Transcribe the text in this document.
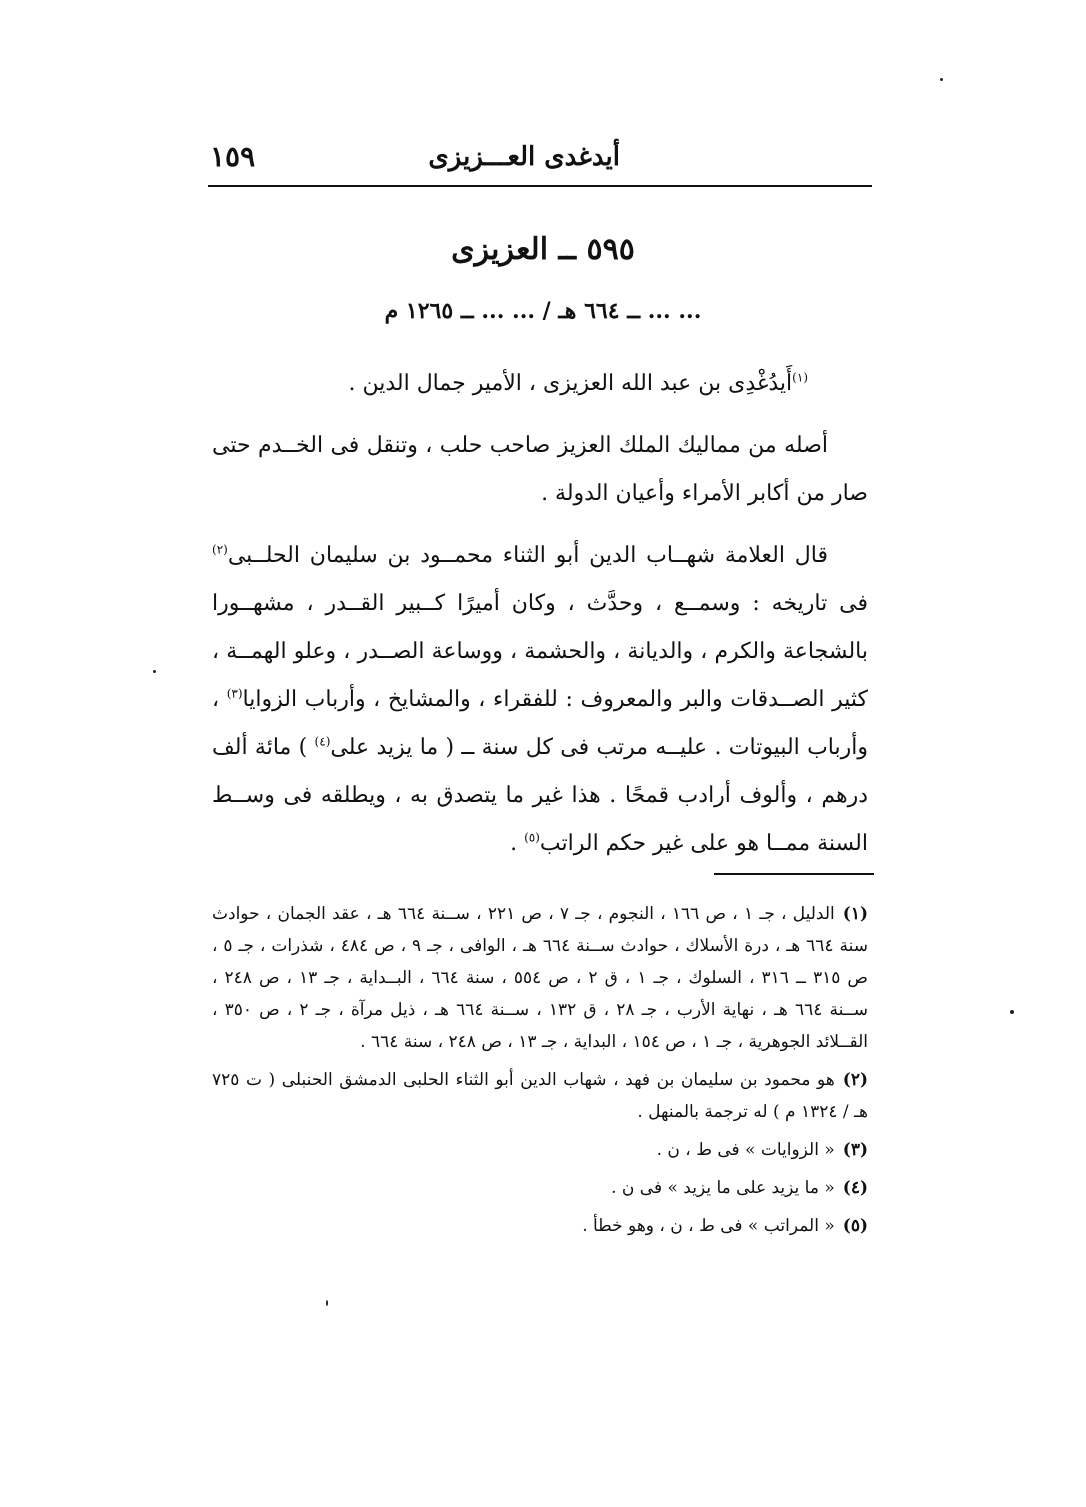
١٥٩	أيدغدى العـــزيزى
٥٩٥ ــ العزيزى
... ... ــ ٦٦٤ هـ / ... ... ــ ١٢٦٥ م

$^{(١)}$أَيدُغْدِى بن عبد الله العزيزى ، الأمير جمال الدين .

أصله من مماليك الملك العزيز صاحب حلب ، وتنقل فى الخــدم حتى صار من أكابر الأمراء وأعيان الدولة .

قال العلامة شهــاب الدين أبو الثناء محمــود بن سليمان الحلــبى$^{(٢)}$ فى تاريخه : وسمــع ، وحدَّث ، وكان أميرًا كــبير القــدر ، مشهــورا بالشجاعة والكرم ، والديانة ، والحشمة ، ووساعة الصــدر ، وعلو الهمــة ، كثير الصــدقات والبر والمعروف : للفقراء ، والمشايخ ، وأرباب الزوايا$^{(٣)}$ ، وأرباب البيوتات . عليــه مرتب فى كل سنة ــ ( ما يزيد على$^{(٤)}$ ) مائة ألف درهم ، وألوف أرادب قمحًا . هذا غير ما يتصدق به ، ويطلقه فى وســط السنة ممــا هو على غير حكم الراتب$^{(٥)}$ .

(١)الدليل ، جـ ١ ، ص ١٦٦ ، النجوم ، جـ ٧ ، ص ٢٢١ ، ســنة ٦٦٤ هـ ، عقد الجمان ، حوادث سنة ٦٦٤ هـ ، درة الأسلاك ، حوادث ســنة ٦٦٤ هـ ، الوافى ، جـ ٩ ، ص ٤٨٤ ، شذرات ، جـ ٥ ، ص ٣١٥ ــ ٣١٦ ، السلوك ، جـ ١ ، ق ٢ ، ص ٥٥٤ ، سنة ٦٦٤ ، البــداية ، جـ ١٣ ، ص ٢٤٨ ، ســنة ٦٦٤ هـ ، نهاية الأرب ، جـ ٢٨ ، ق ١٣٢ ، ســنة ٦٦٤ هـ ، ذيل مرآة ، جـ ٢ ، ص ٣٥٠ ، القــلائد الجوهرية ، جـ ١ ، ص ١٥٤ ، البداية ، جـ ١٣ ، ص ٢٤٨ ، سنة ٦٦٤ .
(٢)هو محمود بن سليمان بن فهد ، شهاب الدين أبو الثناء الحلبى الدمشق الحنبلى ( ت ٧٢٥ هـ / ١٣٢٤ م ) له ترجمة بالمنهل .
(٣)« الزوايات » فى ط ، ن .
(٤)« ما يزيد على ما يزيد » فى ن .
(٥)« المراتب » فى ط ، ن ، وهو خطأ .
